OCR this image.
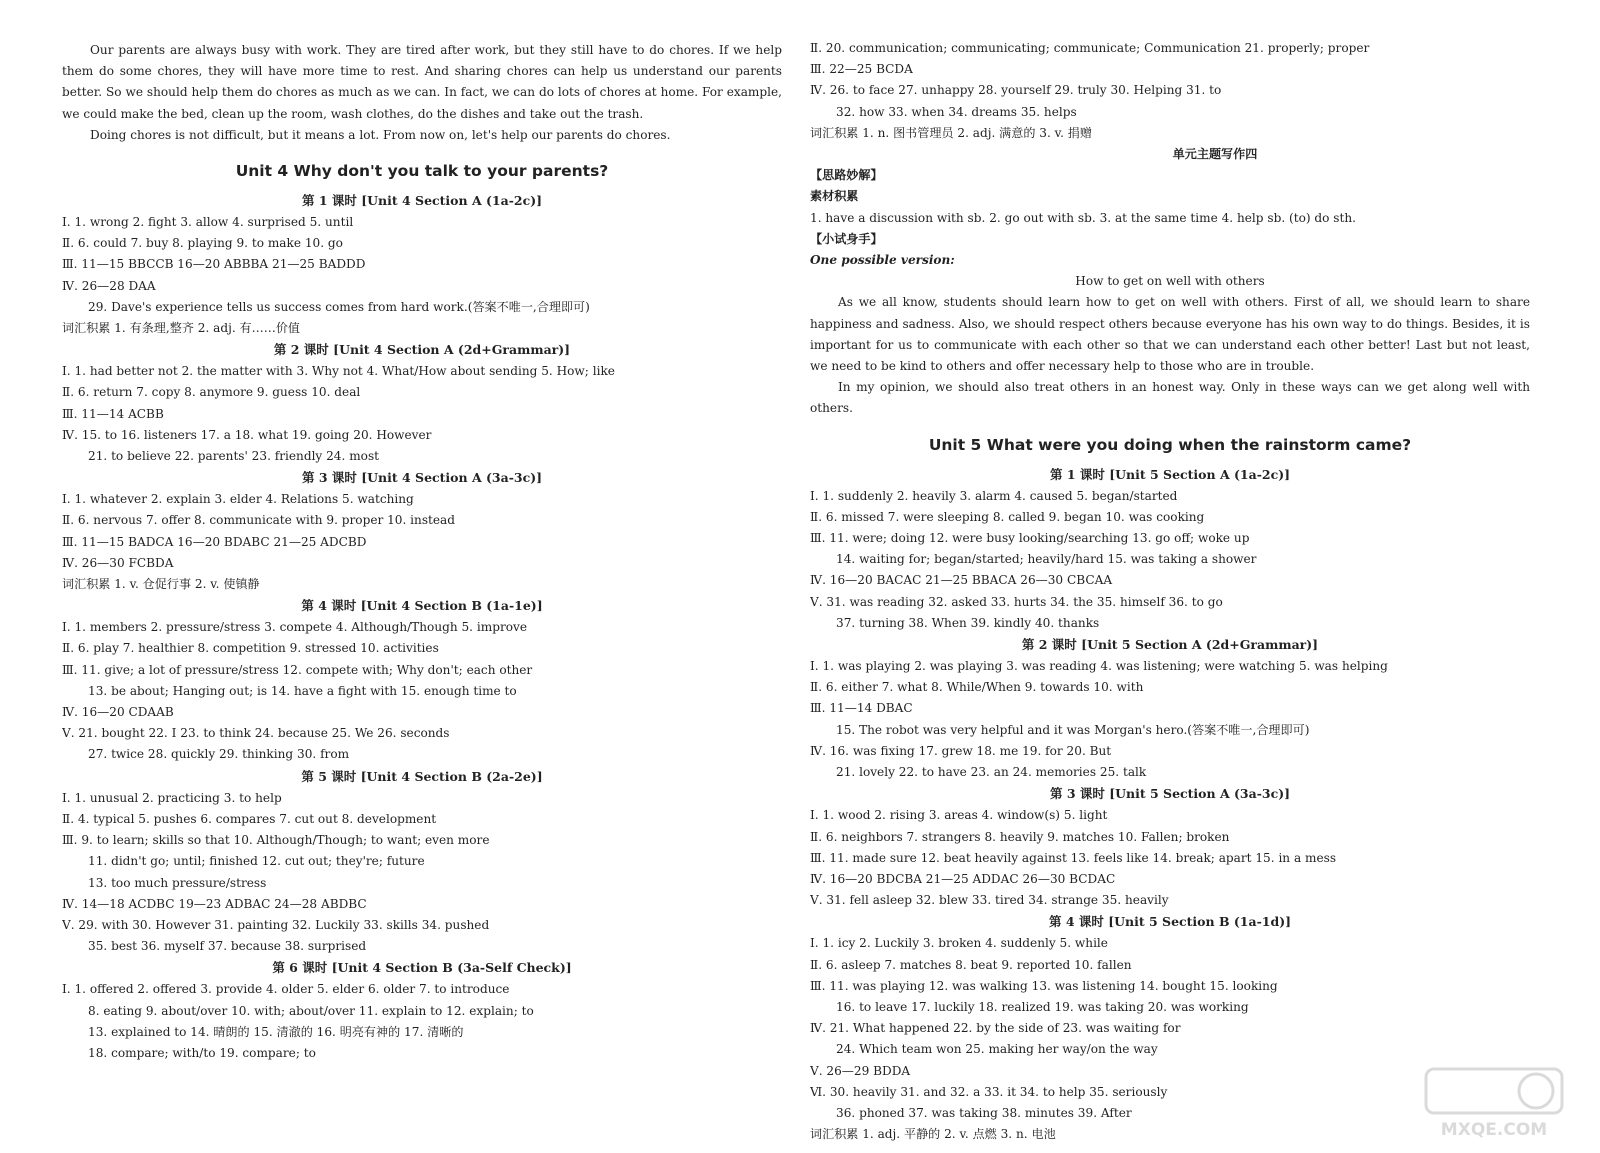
Our parents are always busy with work. They are tired after work, but they still have to do chores. If we help them do some chores, they will have more time to rest. And sharing chores can help us understand our parents better. So we should help them do chores as much as we can. In fact, we can do lots of chores at home. For example, we could make the bed, clean up the room, wash clothes, do the dishes and take out the trash.

Doing chores is not difficult, but it means a lot. From now on, let's help our parents do chores.

Unit 4 Why don't you talk to your parents?
第 1 课时 [Unit 4 Section A (1a-2c)]
Ⅰ. 1. wrong 2. fight 3. allow 4. surprised 5. until
Ⅱ. 6. could 7. buy 8. playing 9. to make 10. go
Ⅲ. 11—15 BBCCB 16—20 ABBBA 21—25 BADDD
Ⅳ. 26—28 DAA
29. Dave's experience tells us success comes from hard work.(答案不唯一,合理即可)
词汇积累 1. 有条理,整齐 2. adj. 有……价值
第 2 课时 [Unit 4 Section A (2d+Grammar)]
Ⅰ. 1. had better not 2. the matter with 3. Why not 4. What/How about sending 5. How; like
Ⅱ. 6. return 7. copy 8. anymore 9. guess 10. deal
Ⅲ. 11—14 ACBB
Ⅳ. 15. to 16. listeners 17. a 18. what 19. going 20. However
21. to believe 22. parents' 23. friendly 24. most
第 3 课时 [Unit 4 Section A (3a-3c)]
Ⅰ. 1. whatever 2. explain 3. elder 4. Relations 5. watching
Ⅱ. 6. nervous 7. offer 8. communicate with 9. proper 10. instead
Ⅲ. 11—15 BADCA 16—20 BDABC 21—25 ADCBD
Ⅳ. 26—30 FCBDA
词汇积累 1. v. 仓促行事 2. v. 使镇静
第 4 课时 [Unit 4 Section B (1a-1e)]
Ⅰ. 1. members 2. pressure/stress 3. compete 4. Although/Though 5. improve
Ⅱ. 6. play 7. healthier 8. competition 9. stressed 10. activities
Ⅲ. 11. give; a lot of pressure/stress 12. compete with; Why don't; each other
13. be about; Hanging out; is 14. have a fight with 15. enough time to
Ⅳ. 16—20 CDAAB
Ⅴ. 21. bought 22. I 23. to think 24. because 25. We 26. seconds
27. twice 28. quickly 29. thinking 30. from
第 5 课时 [Unit 4 Section B (2a-2e)]
Ⅰ. 1. unusual 2. practicing 3. to help
Ⅱ. 4. typical 5. pushes 6. compares 7. cut out 8. development
Ⅲ. 9. to learn; skills so that 10. Although/Though; to want; even more
11. didn't go; until; finished 12. cut out; they're; future
13. too much pressure/stress
Ⅳ. 14—18 ACDBC 19—23 ADBAC 24—28 ABDBC
Ⅴ. 29. with 30. However 31. painting 32. Luckily 33. skills 34. pushed
35. best 36. myself 37. because 38. surprised
第 6 课时 [Unit 4 Section B (3a-Self Check)]
Ⅰ. 1. offered 2. offered 3. provide 4. older 5. elder 6. older 7. to introduce
8. eating 9. about/over 10. with; about/over 11. explain to 12. explain; to
13. explained to 14. 晴朗的 15. 清澈的 16. 明亮有神的 17. 清晰的
18. compare; with/to 19. compare; to
Ⅱ. 20. communication; communicating; communicate; Communication 21. properly; proper
Ⅲ. 22—25 BCDA
Ⅳ. 26. to face 27. unhappy 28. yourself 29. truly 30. Helping 31. to
32. how 33. when 34. dreams 35. helps
词汇积累 1. n. 图书管理员 2. adj. 满意的 3. v. 捐赠
单元主题写作四
【思路妙解】
素材积累
1. have a discussion with sb. 2. go out with sb. 3. at the same time 4. help sb. (to) do sth.
【小试身手】
One possible version:
How to get on well with others

As we all know, students should learn how to get on well with others. First of all, we should learn to share happiness and sadness. Also, we should respect others because everyone has his own way to do things. Besides, it is important for us to communicate with each other so that we can understand each other better! Last but not least, we need to be kind to others and offer necessary help to those who are in trouble.

In my opinion, we should also treat others in an honest way. Only in these ways can we get along well with others.

Unit 5 What were you doing when the rainstorm came?
第 1 课时 [Unit 5 Section A (1a-2c)]
Ⅰ. 1. suddenly 2. heavily 3. alarm 4. caused 5. began/started
Ⅱ. 6. missed 7. were sleeping 8. called 9. began 10. was cooking
Ⅲ. 11. were; doing 12. were busy looking/searching 13. go off; woke up
14. waiting for; began/started; heavily/hard 15. was taking a shower
Ⅳ. 16—20 BACAC 21—25 BBACA 26—30 CBCAA
Ⅴ. 31. was reading 32. asked 33. hurts 34. the 35. himself 36. to go
37. turning 38. When 39. kindly 40. thanks
第 2 课时 [Unit 5 Section A (2d+Grammar)]
Ⅰ. 1. was playing 2. was playing 3. was reading 4. was listening; were watching 5. was helping
Ⅱ. 6. either 7. what 8. While/When 9. towards 10. with
Ⅲ. 11—14 DBAC
15. The robot was very helpful and it was Morgan's hero.(答案不唯一,合理即可)
Ⅳ. 16. was fixing 17. grew 18. me 19. for 20. But
21. lovely 22. to have 23. an 24. memories 25. talk
第 3 课时 [Unit 5 Section A (3a-3c)]
Ⅰ. 1. wood 2. rising 3. areas 4. window(s) 5. light
Ⅱ. 6. neighbors 7. strangers 8. heavily 9. matches 10. Fallen; broken
Ⅲ. 11. made sure 12. beat heavily against 13. feels like 14. break; apart 15. in a mess
Ⅳ. 16—20 BDCBA 21—25 ADDAC 26—30 BCDAC
Ⅴ. 31. fell asleep 32. blew 33. tired 34. strange 35. heavily
第 4 课时 [Unit 5 Section B (1a-1d)]
Ⅰ. 1. icy 2. Luckily 3. broken 4. suddenly 5. while
Ⅱ. 6. asleep 7. matches 8. beat 9. reported 10. fallen
Ⅲ. 11. was playing 12. was walking 13. was listening 14. bought 15. looking
16. to leave 17. luckily 18. realized 19. was taking 20. was working
Ⅳ. 21. What happened 22. by the side of 23. was waiting for
24. Which team won 25. making her way/on the way
Ⅴ. 26—29 BDDA
Ⅵ. 30. heavily 31. and 32. a 33. it 34. to help 35. seriously
36. phoned 37. was taking 38. minutes 39. After
词汇积累 1. adj. 平静的 2. v. 点燃 3. n. 电池	MXQE.COM
